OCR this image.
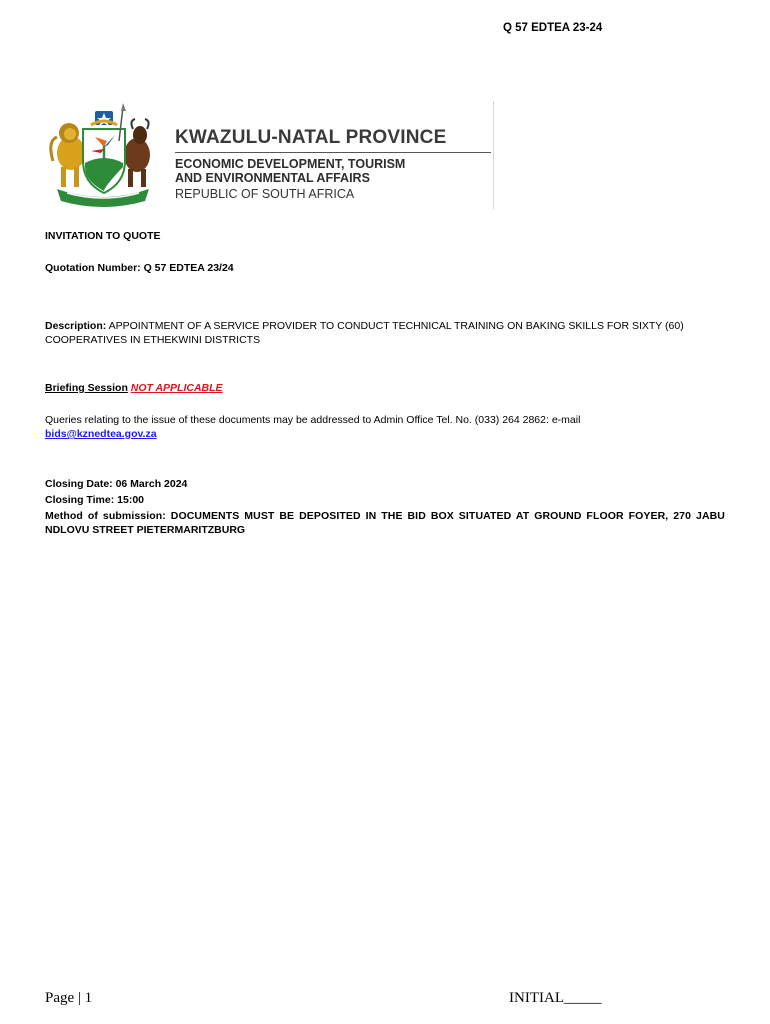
Q 57 EDTEA 23-24
KWAZULU-NATAL PROVINCE
ECONOMIC DEVELOPMENT, TOURISM
AND ENVIRONMENTAL AFFAIRS
REPUBLIC OF SOUTH AFRICA
INVITATION TO QUOTE
Quotation Number: Q 57 EDTEA 23/24
Description: APPOINTMENT OF A SERVICE PROVIDER TO CONDUCT TECHNICAL TRAINING ON BAKING SKILLS FOR SIXTY (60)
COOPERATIVES IN ETHEKWINI DISTRICTS
Briefing Session NOT APPLICABLE
Queries relating to the issue of these documents may be addressed to Admin Office Tel. No. (033) 264 2862: e-mail
bids@kznedtea.gov.za
Closing Date: 06 March 2024
Closing Time: 15:00
Method of submission: DOCUMENTS MUST BE DEPOSITED IN THE BID BOX SITUATED AT GROUND FLOOR FOYER, 270 JABU
NDLOVU STREET PIETERMARITZBURG
Page | 1	INITIAL_____
